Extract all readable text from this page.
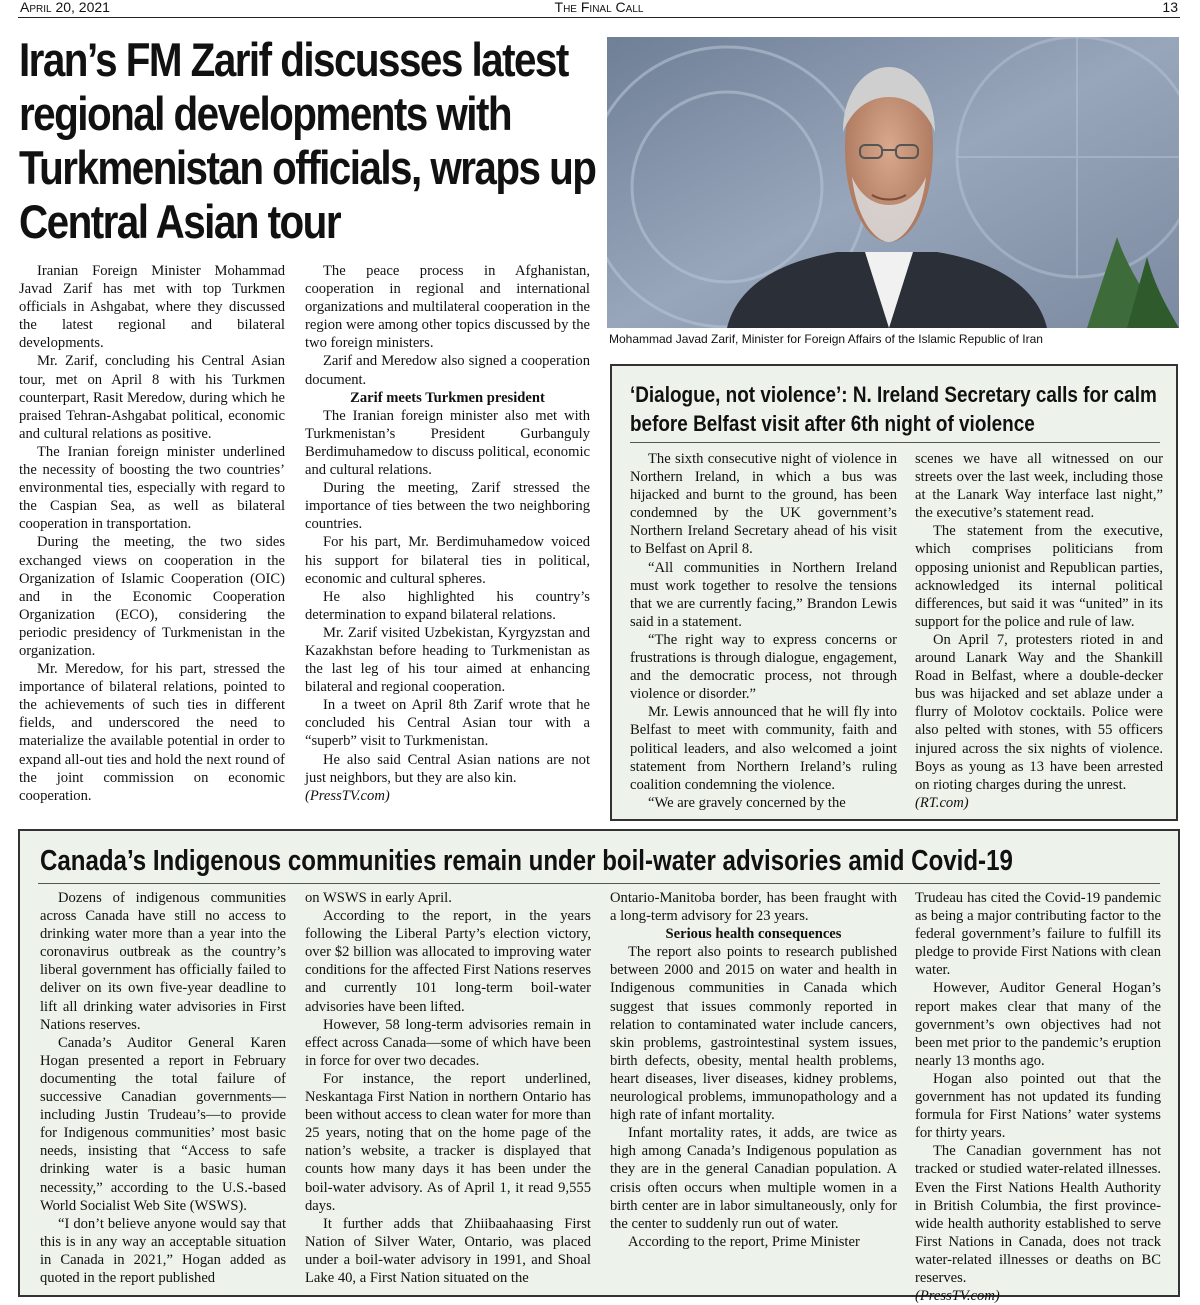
April 20, 2021	The Final Call	13
Iran’s FM Zarif discusses latest regional developments with Turkmenistan officials, wraps up Central Asian tour

Iranian Foreign Minister Mohammad Javad Zarif has met with top Turkmen officials in Ashgabat, where they discussed the latest regional and bilateral developments.

Mr. Zarif, concluding his Central Asian tour, met on April 8 with his Turkmen counterpart, Rasit Meredow, during which he praised Tehran-Ashgabat political, economic and cultural relations as positive.

The Iranian foreign minister underlined the necessity of boosting the two countries’ environmental ties, especially with regard to the Caspian Sea, as well as bilateral cooperation in transportation.

During the meeting, the two sides exchanged views on cooperation in the Organization of Islamic Cooperation (OIC) and in the Economic Cooperation Organization (ECO), considering the periodic presidency of Turkmenistan in the organization.

Mr. Meredow, for his part, stressed the importance of bilateral relations, pointed to the achievements of such ties in different fields, and underscored the need to materialize the available potential in order to expand all-out ties and hold the next round of the joint commission on economic cooperation.

The peace process in Afghanistan, cooperation in regional and international organizations and multilateral cooperation in the region were among other topics discussed by the two foreign ministers.

Zarif and Meredow also signed a cooperation document.

Zarif meets Turkmen president

The Iranian foreign minister also met with Turkmenistan’s President Gurbanguly Berdimuhamedow to discuss political, economic and cultural relations.

During the meeting, Zarif stressed the importance of ties between the two neighboring countries.

For his part, Mr. Berdimuhamedow voiced his support for bilateral ties in political, economic and cultural spheres.

He also highlighted his country’s determination to expand bilateral relations.

Mr. Zarif visited Uzbekistan, Kyrgyzstan and Kazakhstan before heading to Turkmenistan as the last leg of his tour aimed at enhancing bilateral and regional cooperation.

In a tweet on April 8th Zarif wrote that he concluded his Central Asian tour with a “superb” visit to Turkmenistan.

He also said Central Asian nations are not just neighbors, but they are also kin.

(PressTV.com)

Mohammad Javad Zarif, Minister for Foreign Affairs of the Islamic Republic of Iran
‘Dialogue, not violence’: N. Ireland Secretary calls for calm before Belfast visit after 6th night of violence

The sixth consecutive night of violence in Northern Ireland, in which a bus was hijacked and burnt to the ground, has been condemned by the UK government’s Northern Ireland Secretary ahead of his visit to Belfast on April 8.

“All communities in Northern Ireland must work together to resolve the tensions that we are currently facing,” Brandon Lewis said in a statement.

“The right way to express concerns or frustrations is through dialogue, engagement, and the democratic process, not through violence or disorder.”

Mr. Lewis announced that he will fly into Belfast to meet with community, faith and political leaders, and also welcomed a joint statement from Northern Ireland’s ruling coalition condemning the violence.

“We are gravely concerned by the

scenes we have all witnessed on our streets over the last week, including those at the Lanark Way interface last night,” the executive’s statement read.

The statement from the executive, which comprises politicians from opposing unionist and Republican parties, acknowledged its internal political differences, but said it was “united” in its support for the police and rule of law.

On April 7, protesters rioted in and around Lanark Way and the Shankill Road in Belfast, where a double-decker bus was hijacked and set ablaze under a flurry of Molotov cocktails. Police were also pelted with stones, with 55 officers injured across the six nights of violence. Boys as young as 13 have been arrested on rioting charges during the unrest.

(RT.com)

Canada’s Indigenous communities remain under boil-water advisories amid Covid-19

Dozens of indigenous communities across Canada have still no access to drinking water more than a year into the coronavirus outbreak as the country’s liberal government has officially failed to deliver on its own five-year deadline to lift all drinking water advisories in First Nations reserves.

Canada’s Auditor General Karen Hogan presented a report in February documenting the total failure of successive Canadian governments— including Justin Trudeau’s—to provide for Indigenous communities’ most basic needs, insisting that “Access to safe drinking water is a basic human necessity,” according to the U.S.-based World Socialist Web Site (WSWS).

“I don’t believe anyone would say that this is in any way an acceptable situation in Canada in 2021,” Hogan added as quoted in the report published

on WSWS in early April.

According to the report, in the years following the Liberal Party’s election victory, over $2 billion was allocated to improving water conditions for the affected First Nations reserves and currently 101 long-term boil-water advisories have been lifted.

However, 58 long-term advisories remain in effect across Canada—some of which have been in force for over two decades.

For instance, the report underlined, Neskantaga First Nation in northern Ontario has been without access to clean water for more than 25 years, noting that on the home page of the nation’s website, a tracker is displayed that counts how many days it has been under the boil-water advisory. As of April 1, it read 9,555 days.

It further adds that Zhiibaahaasing First Nation of Silver Water, Ontario, was placed under a boil-water advisory in 1991, and Shoal Lake 40, a First Nation situated on the

Ontario-Manitoba border, has been fraught with a long-term advisory for 23 years.

Serious health consequences

The report also points to research published between 2000 and 2015 on water and health in Indigenous communities in Canada which suggest that issues commonly reported in relation to contaminated water include cancers, skin problems, gastrointestinal system issues, birth defects, obesity, mental health problems, heart diseases, liver diseases, kidney problems, neurological problems, immunopathology and a high rate of infant mortality.

Infant mortality rates, it adds, are twice as high among Canada’s Indigenous population as they are in the general Canadian population. A crisis often occurs when multiple women in a birth center are in labor simultaneously, only for the center to suddenly run out of water.

According to the report, Prime Minister

Trudeau has cited the Covid-19 pandemic as being a major contributing factor to the federal government’s failure to fulfill its pledge to provide First Nations with clean water.

However, Auditor General Hogan’s report makes clear that many of the government’s own objectives had not been met prior to the pandemic’s eruption nearly 13 months ago.

Hogan also pointed out that the government has not updated its funding formula for First Nations’ water systems for thirty years.

The Canadian government has not tracked or studied water-related illnesses. Even the First Nations Health Authority in British Columbia, the first province-wide health authority established to serve First Nations in Canada, does not track water-related illnesses or deaths on BC reserves.

(PressTV.com)
